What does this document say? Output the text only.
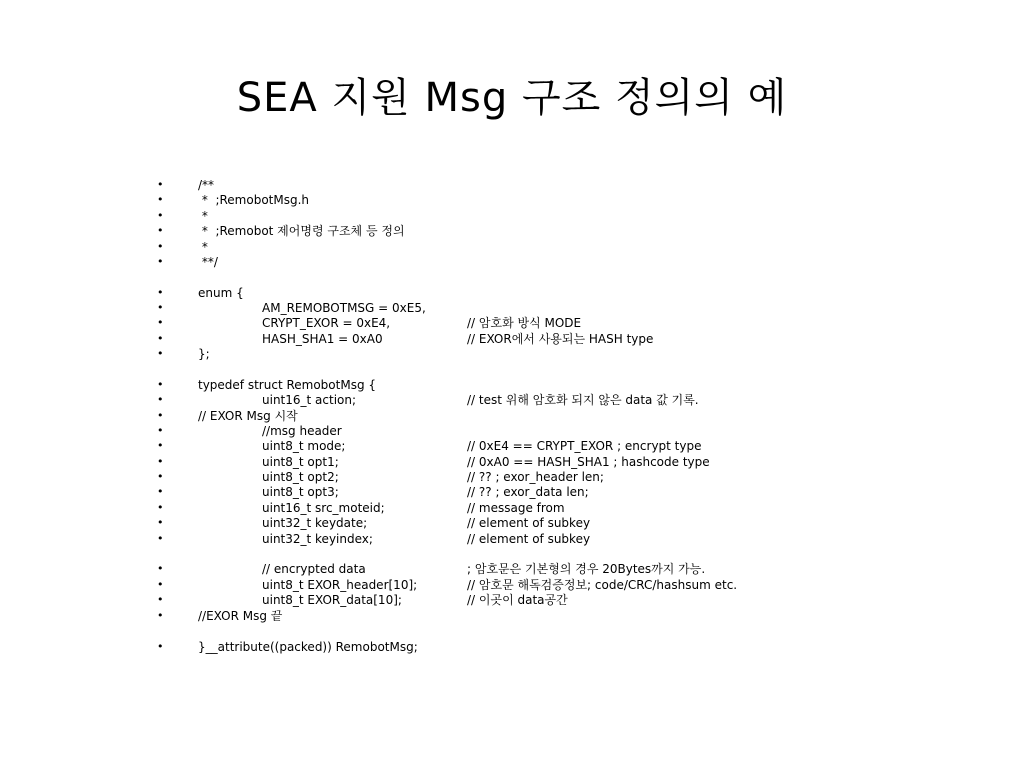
SEA 지원 Msg 구조 정의의 예
•	/**
•	*  ;RemobotMsg.h
•	*
•	*  ;Remobot 제어명령 구조체 등 정의
•	*
•	**/
•	enum {
•	AM_REMOBOTMSG = 0xE5,
•	CRYPT_EXOR = 0xE4,	// 암호화 방식 MODE
•	HASH_SHA1 = 0xA0	// EXOR에서 사용되는 HASH type
•	};
•	typedef struct RemobotMsg {
•	uint16_t action;	// test 위해 암호화 되지 않은 data 값 기록.
•	// EXOR Msg 시작
•	//msg header
•	uint8_t mode;	// 0xE4 == CRYPT_EXOR ; encrypt type
•	uint8_t opt1;	// 0xA0 == HASH_SHA1 ; hashcode type
•	uint8_t opt2;	// ?? ; exor_header len;
•	uint8_t opt3;	// ?? ; exor_data len;
•	uint16_t src_moteid;	// message from
•	uint32_t keydate;	// element of subkey
•	uint32_t keyindex;	// element of subkey
•	// encrypted data	; 암호문은 기본형의 경우 20Bytes까지 가능.
•	uint8_t EXOR_header[10];	// 암호문 해독검증정보; code/CRC/hashsum etc.
•	uint8_t EXOR_data[10];	// 이곳이 data공간
•	//EXOR Msg 끝
•	}__attribute((packed)) RemobotMsg;
